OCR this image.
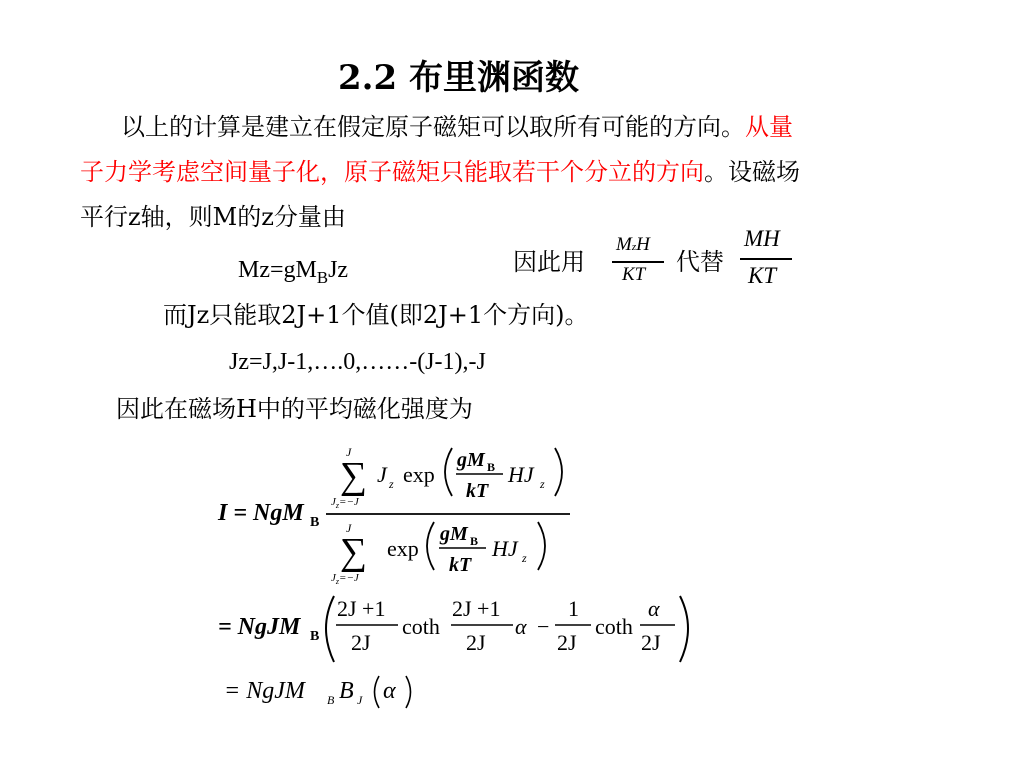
2.2 布里渊函数
以上的计算是建立在假定原子磁矩可以取所有可能的方向。从量
子力学考虑空间量子化，原子磁矩只能取若干个分立的方向。设磁场
平行z轴，则M的z分量由
$Mz=gM_BJz$	因此用
MzH
KT 代替
MH
KT
而Jz只能取2J+1个值(即2J+1个方向)。
Jz=J,J-1,….0,……-(J-1),-J
因此在磁场H中的平均磁化强度为
I = NgM B
J
∑
$J_z=-J$
J z exp
gM B
kT
HJ z
J
∑
$J_z=-J$
exp
gM B
kT
HJ z
= NgJM B
2J +1
2J
coth
2J +1
2J
α −
1
2J
coth
α
2J
= NgJM B B J α
